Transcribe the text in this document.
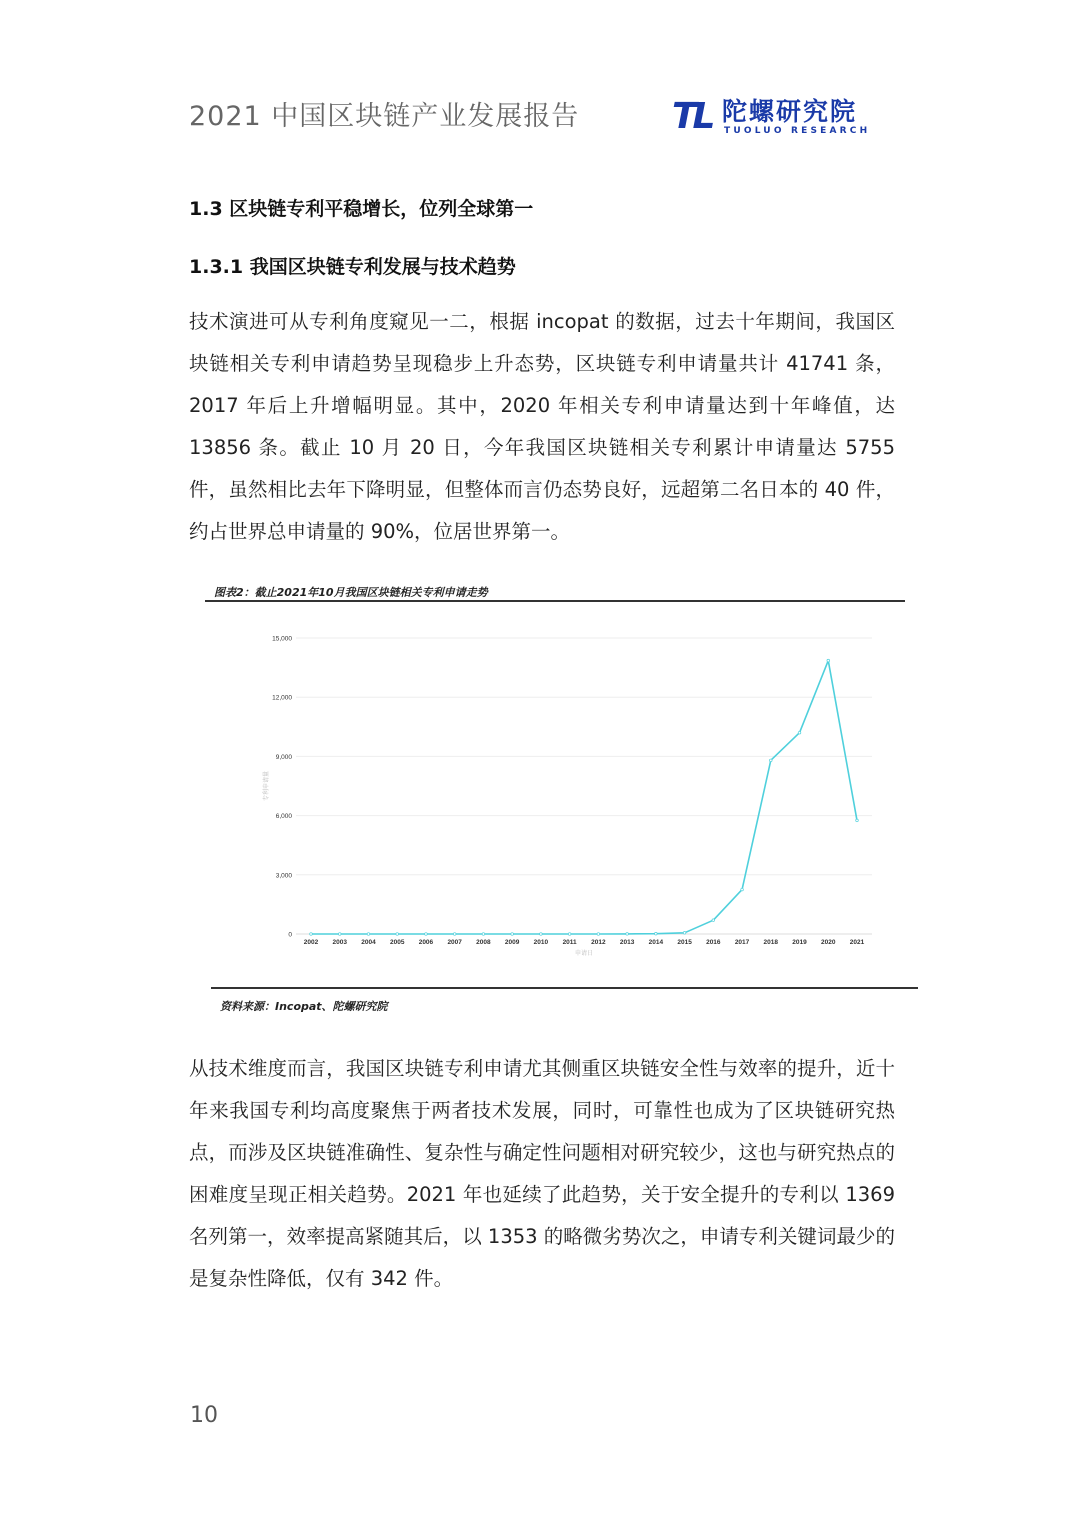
2021 中国区块链产业发展报告	TL 陀螺研究院
TUOLUO RESEARCH
1.3 区块链专利平稳增长，位列全球第一
1.3.1 我国区块链专利发展与技术趋势
技术演进可从专利角度窥见一二，根据 incopat 的数据，过去十年期间，我国区块链相关专利申请趋势呈现稳步上升态势，区块链专利申请量共计 41741 条，2017 年后上升增幅明显。其中，2020 年相关专利申请量达到十年峰值，达 13856 条。截止 10 月 20 日，今年我国区块链相关专利累计申请量达 5755 件，虽然相比去年下降明显，但整体而言仍态势良好，远超第二名日本的 40 件，约占世界总申请量的 90%，位居世界第一。
图表2：截止2021年10月我国区块链相关专利申请走势
0
3,000
6,000
9,000
12,000
15,000
2002 2003 2004 2005 2006 2007 2008 2009 2010 2011 2012 2013 2014 2015 2016 2017 2018 2019 2020 2021
申请日
专利申请量
资料来源：Incopat、陀螺研究院
从技术维度而言，我国区块链专利申请尤其侧重区块链安全性与效率的提升，近十年来我国专利均高度聚焦于两者技术发展，同时，可靠性也成为了区块链研究热点，而涉及区块链准确性、复杂性与确定性问题相对研究较少，这也与研究热点的困难度呈现正相关趋势。2021 年也延续了此趋势，关于安全提升的专利以 1369 名列第一，效率提高紧随其后，以 1353 的略微劣势次之，申请专利关键词最少的是复杂性降低，仅有 342 件。
10
